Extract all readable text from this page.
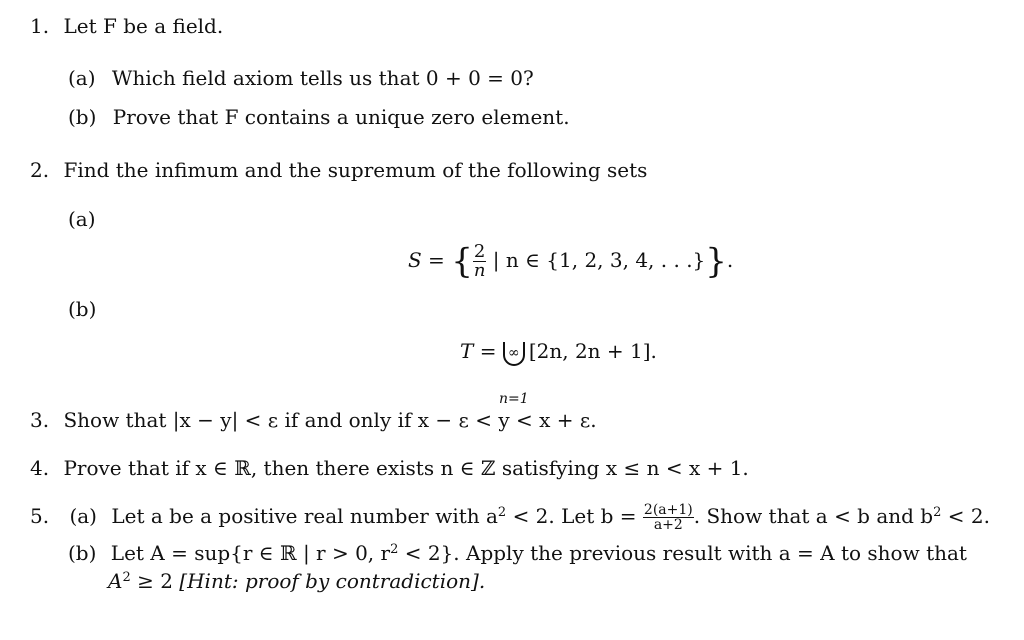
1. Let F be a field.
(a) Which field axiom tells us that 0 + 0 = 0?
(b) Prove that F contains a unique zero element.
2. Find the infimum and the supremum of the following sets
(a)
S = { $\frac{2}{n}$ | n ∈ {1, 2, 3, 4, . . .}}.
(b)
T = ∞
n=1
[2n, 2n + 1].
3. Show that |x − y| < ε if and only if x − ε < y < x + ε.
4. Prove that if x ∈ ℝ, then there exists n ∈ ℤ satisfying x ≤ n < x + 1.
5. (a) Let a be a positive real number with $a^2 < 2$. Let $b = \frac{2(a+1)}{a+2}$ . Show that a < b and $b^2 < 2$.
(b) Let A = sup{r ∈ ℝ | r > 0, $r^2 < 2$}. Apply the previous result with a = A to show that
$A^2 \ge 2$ [Hint: proof by contradiction].
